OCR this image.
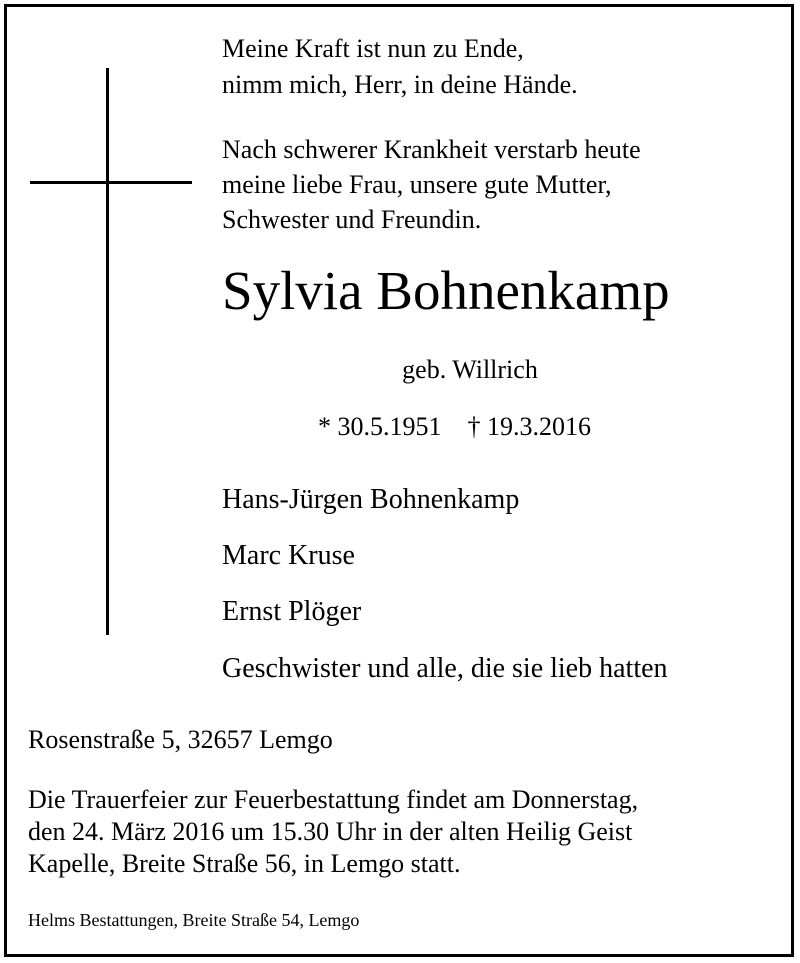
Meine Kraft ist nun zu Ende,
nimm mich, Herr, in deine Hände.
Nach schwerer Krankheit verstarb heute
meine liebe Frau, unsere gute Mutter,
Schwester und Freundin.
Sylvia Bohnenkamp
geb. Willrich
* 30.5.1951 † 19.3.2016
Hans-Jürgen Bohnenkamp
Marc Kruse
Ernst Plöger
Geschwister und alle, die sie lieb hatten
Rosenstraße 5, 32657 Lemgo
Die Trauerfeier zur Feuerbestattung findet am Donnerstag,
den 24. März 2016 um 15.30 Uhr in der alten Heilig Geist
Kapelle, Breite Straße 56, in Lemgo statt.
Helms Bestattungen, Breite Straße 54, Lemgo
